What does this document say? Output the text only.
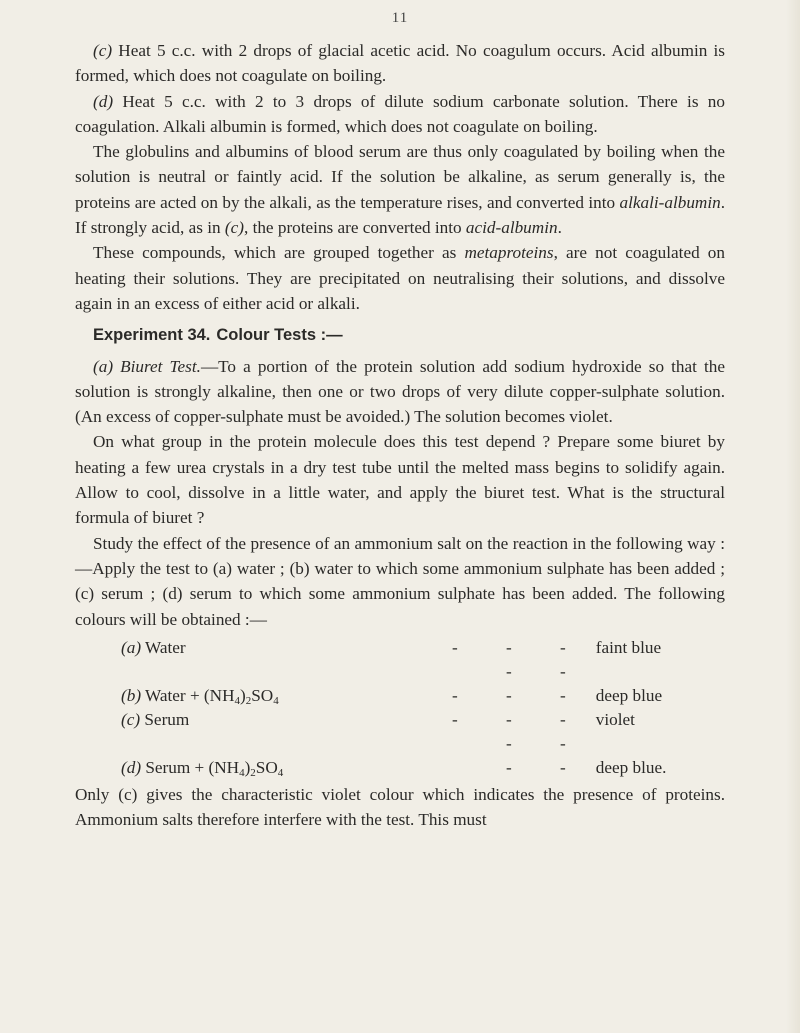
11

(c) Heat 5 c.c. with 2 drops of glacial acetic acid. No coagulum occurs. Acid albumin is formed, which does not coagulate on boiling.

(d) Heat 5 c.c. with 2 to 3 drops of dilute sodium carbonate solution. There is no coagulation. Alkali albumin is formed, which does not coagulate on boiling.

The globulins and albumins of blood serum are thus only coagulated by boiling when the solution is neutral or faintly acid. If the solution be alkaline, as serum generally is, the proteins are acted on by the alkali, as the temperature rises, and converted into alkali-albumin. If strongly acid, as in (c), the proteins are converted into acid-albumin.

These compounds, which are grouped together as metaproteins, are not coagulated on heating their solutions. They are precipitated on neutralising their solutions, and dissolve again in an excess of either acid or alkali.

Experiment 34. Colour Tests :—

(a) Biuret Test.—To a portion of the protein solution add sodium hydroxide so that the solution is strongly alkaline, then one or two drops of very dilute copper-sulphate solution. (An excess of copper-sulphate must be avoided.) The solution becomes violet.

On what group in the protein molecule does this test depend ? Prepare some biuret by heating a few urea crystals in a dry test tube until the melted mass begins to solidify again. Allow to cool, dissolve in a little water, and apply the biuret test. What is the structural formula of biuret ?

Study the effect of the presence of an ammonium salt on the reaction in the following way :—Apply the test to (a) water ; (b) water to which some ammonium sulphate has been added ; (c) serum ; (d) serum to which some ammonium sulphate has been added. The following colours will be obtained :—

(a) Water	- - - - -	faint blue
(b) Water + $(NH_4)_2SO_4$	- - -	deep blue
(c) Serum	- - - - -	violet
(d) Serum + $(NH_4)_2SO_4$	- -	deep blue.

Only (c) gives the characteristic violet colour which indicates the presence of proteins. Ammonium salts therefore interfere with the test. This must
